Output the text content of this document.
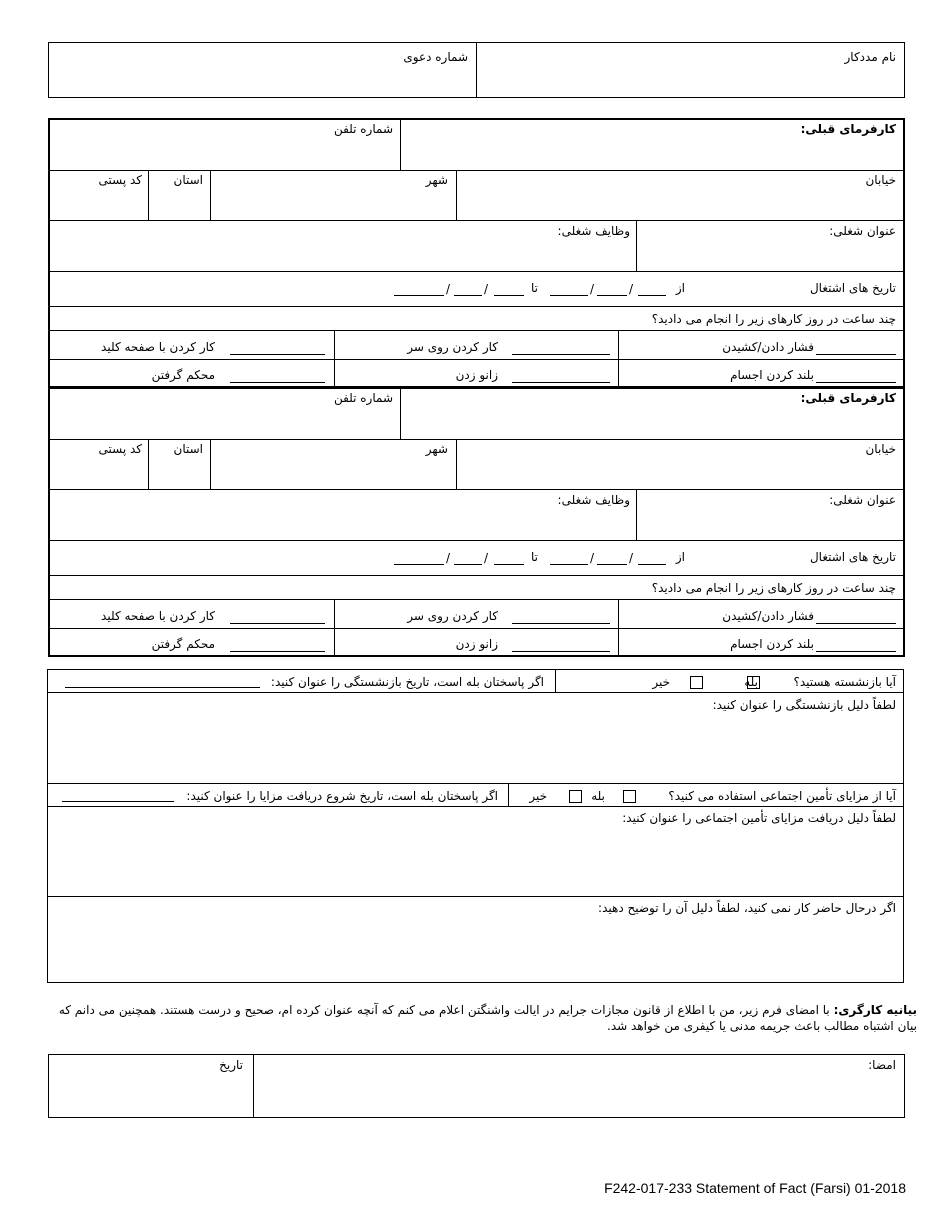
نام مددکار
شماره دعوی
کارفرمای قبلی:
شماره تلفن
خیابان
شهر
استان
کد پستی
عنوان شغلی:
وظایف شغلی:
تاریخ های اشتغال
از
/
/
تا
/
/
چند ساعت در روز کارهای زیر را انجام می دادید؟
فشار دادن/کشیدن
کار کردن روی سر
کار کردن با صفحه کلید
بلند کردن اجسام
زانو زدن
محکم گرفتن
کارفرمای قبلی:
شماره تلفن
خیابان
شهر
استان
کد پستی
عنوان شغلی:
وظایف شغلی:
تاریخ های اشتغال
از
/
/
تا
/
/
چند ساعت در روز کارهای زیر را انجام می دادید؟
فشار دادن/کشیدن
کار کردن روی سر
کار کردن با صفحه کلید
بلند کردن اجسام
زانو زدن
محکم گرفتن
آیا بازنشسته هستید؟
بله
خیر
اگر پاسختان بله است، تاریخ بازنشستگی را عنوان کنید:
لطفاً دلیل بازنشستگی را عنوان کنید:
آیا از مزایای تأمین اجتماعی استفاده می کنید؟
بله
خیر
اگر پاسختان بله است، تاریخ شروع دریافت مزایا را عنوان کنید:
لطفاً دلیل دریافت مزایای تأمین اجتماعی را عنوان کنید:
اگر درحال حاضر کار نمی کنید، لطفاً دلیل آن را توضیح دهید:
بیانیه کارگری: با امضای فرم زیر، من با اطلاع از قانون مجازات جرایم در ایالت واشنگتن اعلام می کنم که آنچه عنوان کرده ام، صحیح و درست هستند. همچنین می دانم که بیان اشتباه مطالب باعث جریمه مدنی یا کیفری من خواهد شد.
امضا:
تاریخ
F242-017-233 Statement of Fact (Farsi) 01-2018
